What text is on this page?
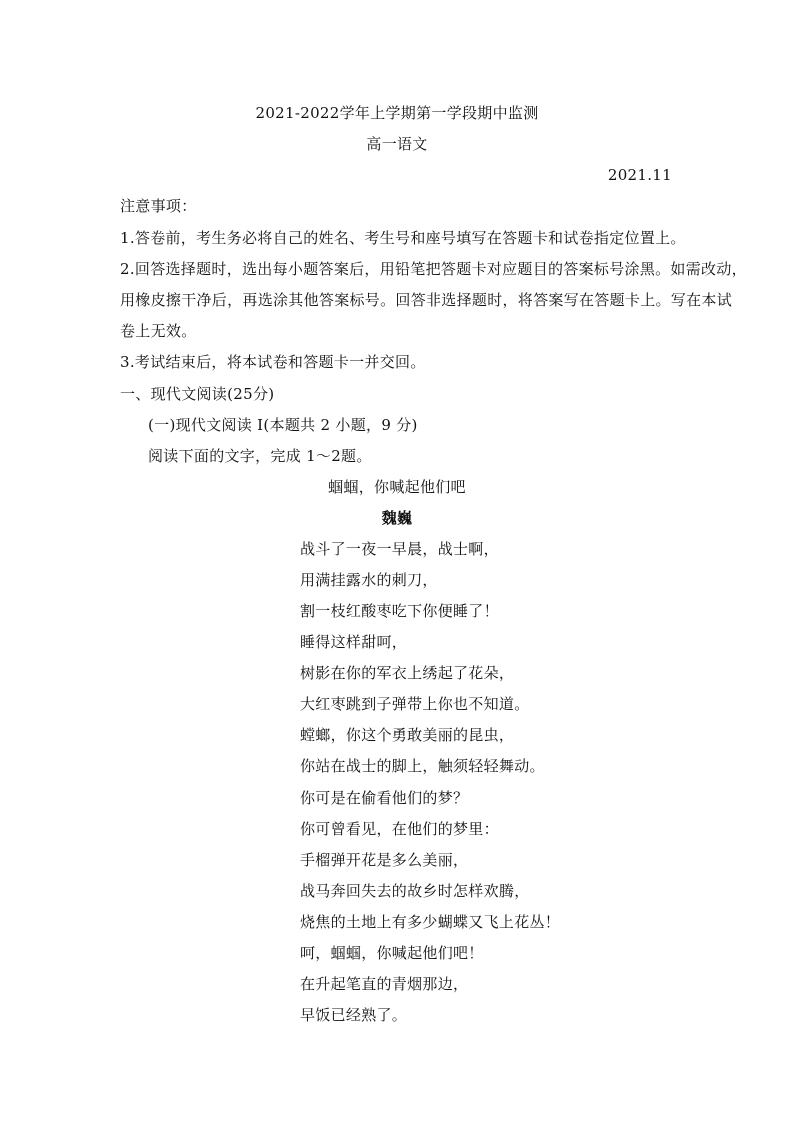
2021-2022学年上学期第一学段期中监测
高一语文
2021.11
注意事项：
1.答卷前，考生务必将自己的姓名、考生号和座号填写在答题卡和试卷指定位置上。
2.回答选择题时，选出每小题答案后，用铅笔把答题卡对应题目的答案标号涂黑。如需改动，
用橡皮擦干净后，再选涂其他答案标号。回答非选择题时，将答案写在答题卡上。写在本试
卷上无效。
3.考试结束后，将本试卷和答题卡一并交回。
一、现代文阅读(25分)
(一)现代文阅读 I(本题共 2 小题，9 分)
阅读下面的文字，完成 1～2题。
蝈蝈，你喊起他们吧
魏巍
战斗了一夜一早晨，战士啊，
用满挂露水的刺刀，
割一枝红酸枣吃下你便睡了！
睡得这样甜呵，
树影在你的军衣上绣起了花朵，
大红枣跳到子弹带上你也不知道。
螳螂，你这个勇敢美丽的昆虫，
你站在战士的脚上，触须轻轻舞动。
你可是在偷看他们的梦？
你可曾看见，在他们的梦里：
手榴弹开花是多么美丽，
战马奔回失去的故乡时怎样欢腾，
烧焦的土地上有多少蝴蝶又飞上花丛！
呵，蝈蝈，你喊起他们吧！
在升起笔直的青烟那边，
早饭已经熟了。
